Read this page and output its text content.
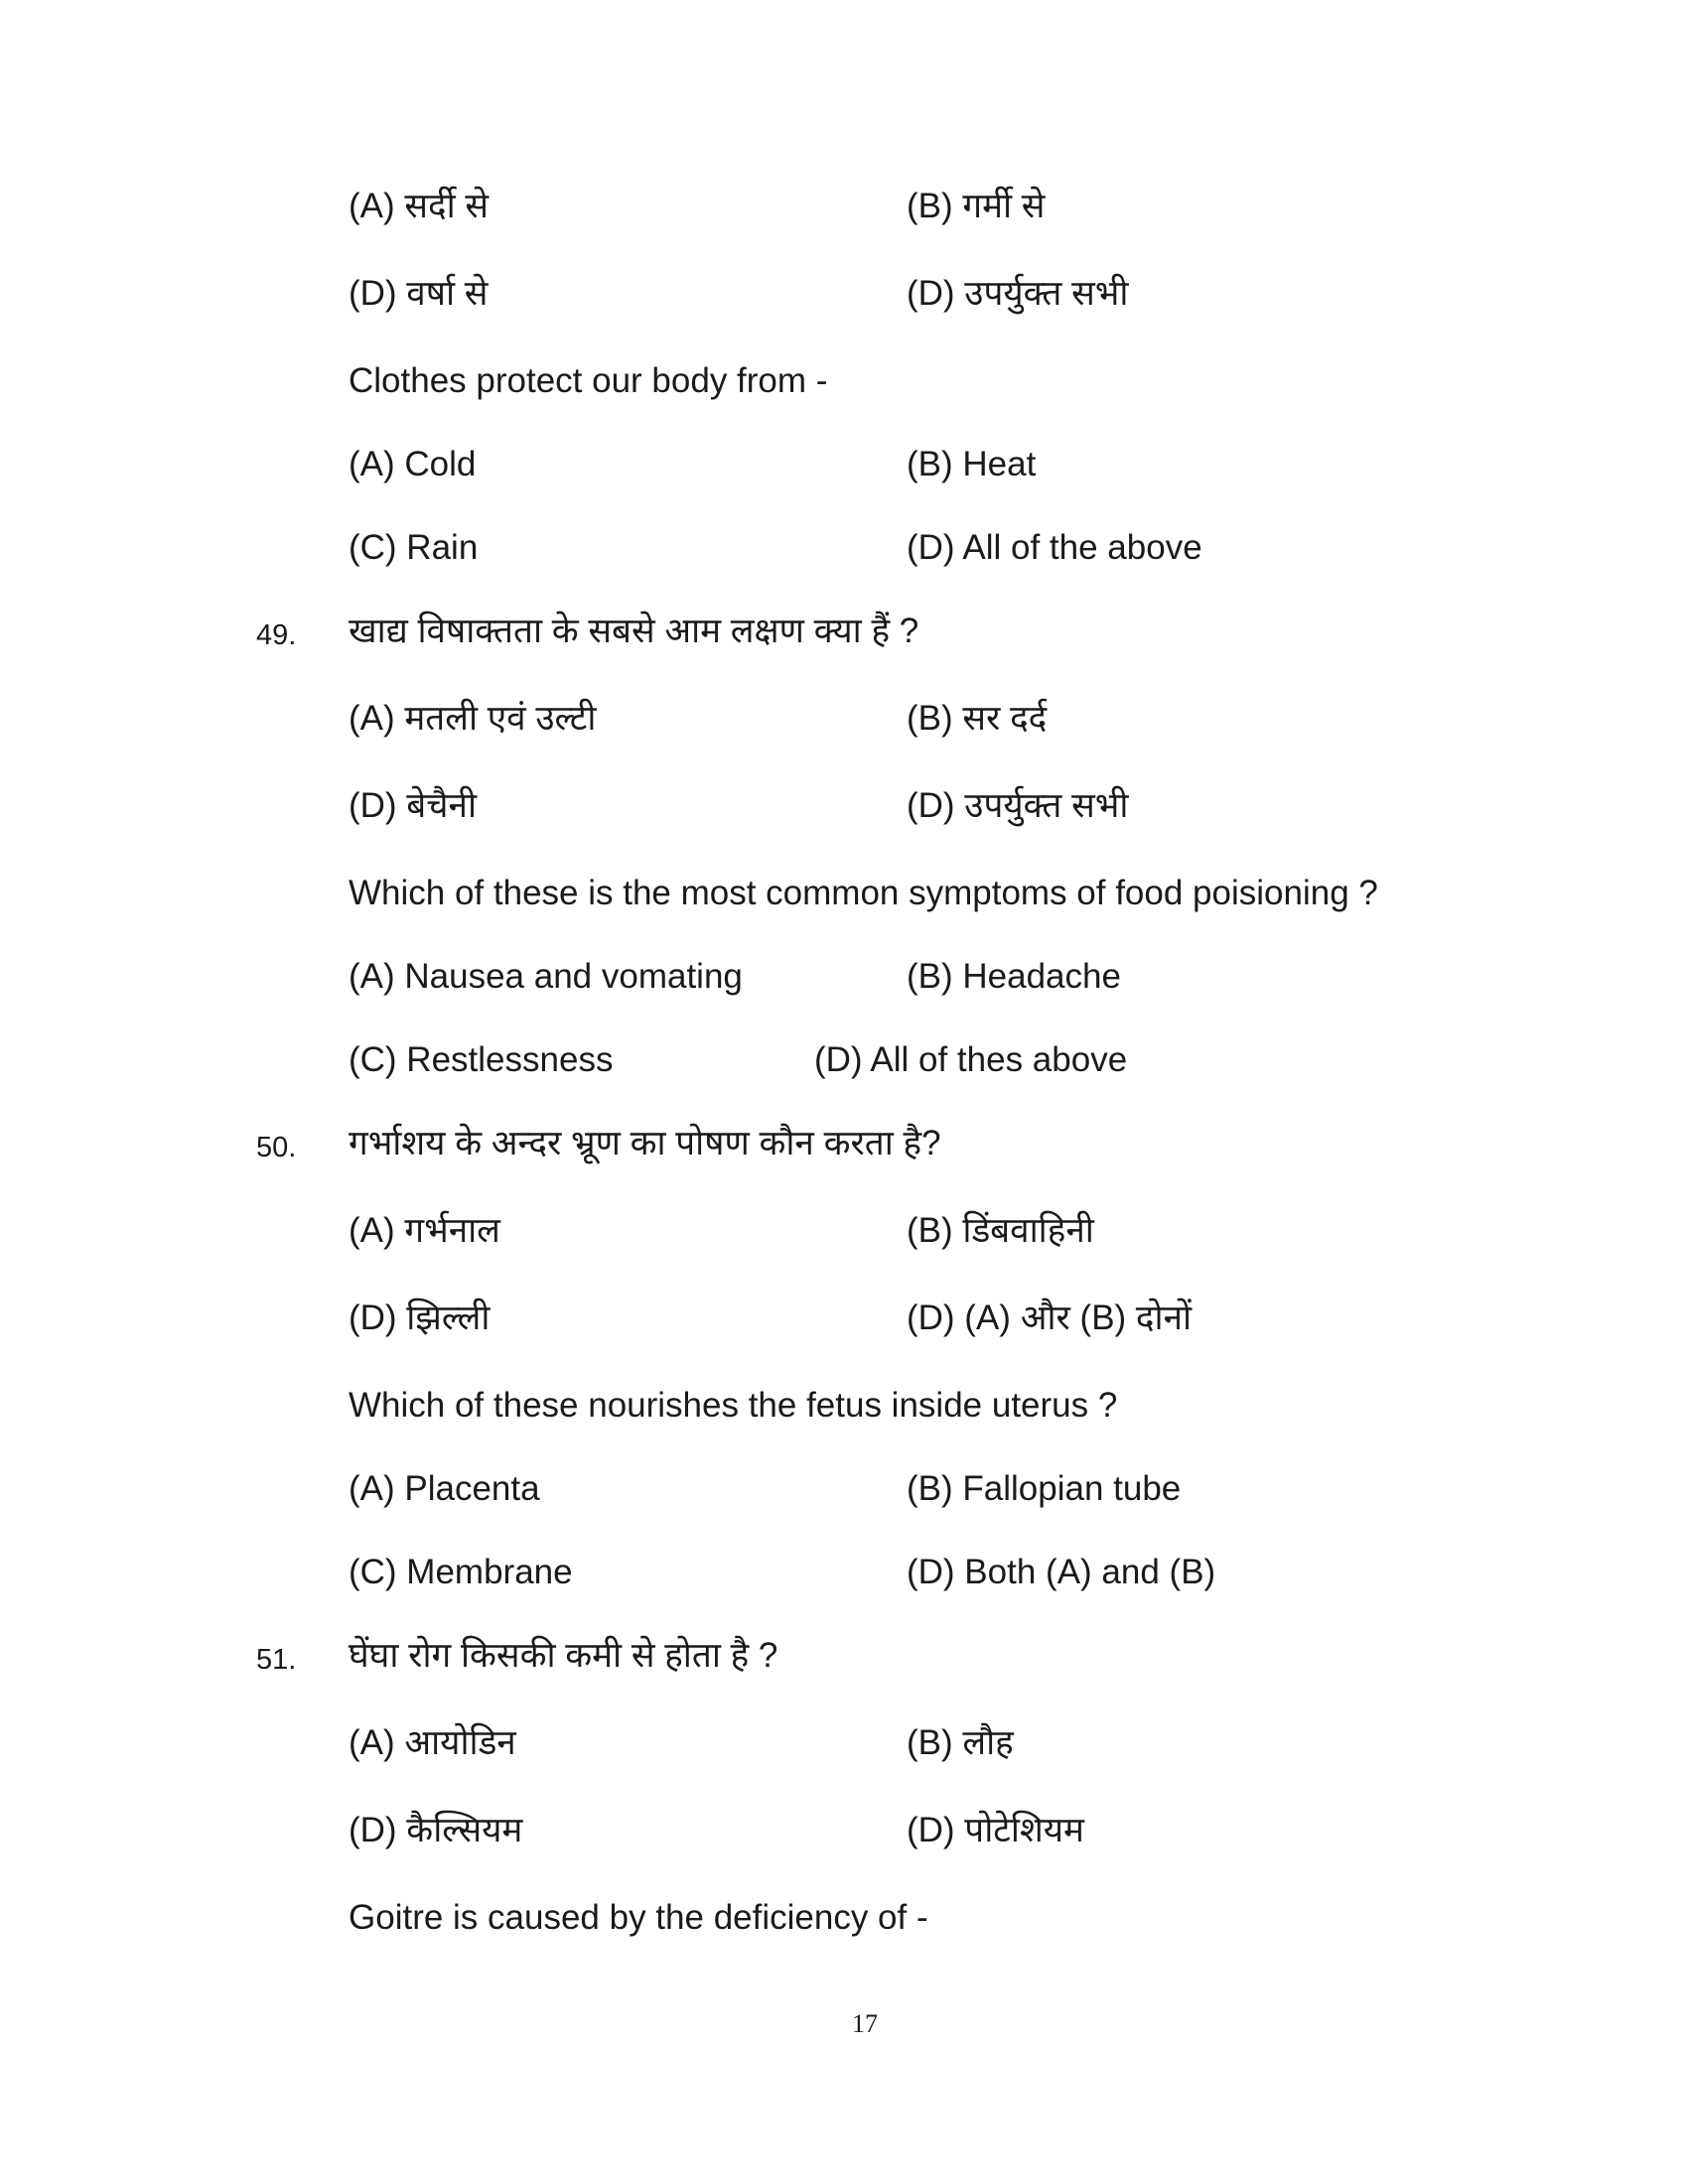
(A) सर्दी से	(B) गर्मी से
(D) वर्षा से	(D) उपर्युक्त सभी
Clothes protect our body from -
(A) Cold	(B) Heat
(C) Rain	(D) All of the above
49. खाद्य विषाक्तता के सबसे आम लक्षण क्या हैं ?
(A) मतली एवं उल्टी	(B) सर दर्द
(D) बेचैनी	(D) उपर्युक्त सभी
Which of these is the most common symptoms of food poisioning ?
(A) Nausea and vomating	(B) Headache
(C) Restlessness	(D) All of thes above
50. गर्भाशय के अन्दर भ्रूण का पोषण कौन करता है?
(A) गर्भनाल	(B) डिंबवाहिनी
(D) झिल्ली	(D) (A) और (B) दोनों
Which of these nourishes the fetus inside uterus ?
(A) Placenta	(B) Fallopian tube
(C) Membrane	(D) Both (A) and (B)
51. घेंघा रोग किसकी कमी से होता है ?
(A) आयोडिन	(B) लौह
(D) कैल्सियम	(D) पोटेशियम
Goitre is caused by the deficiency of -
17
